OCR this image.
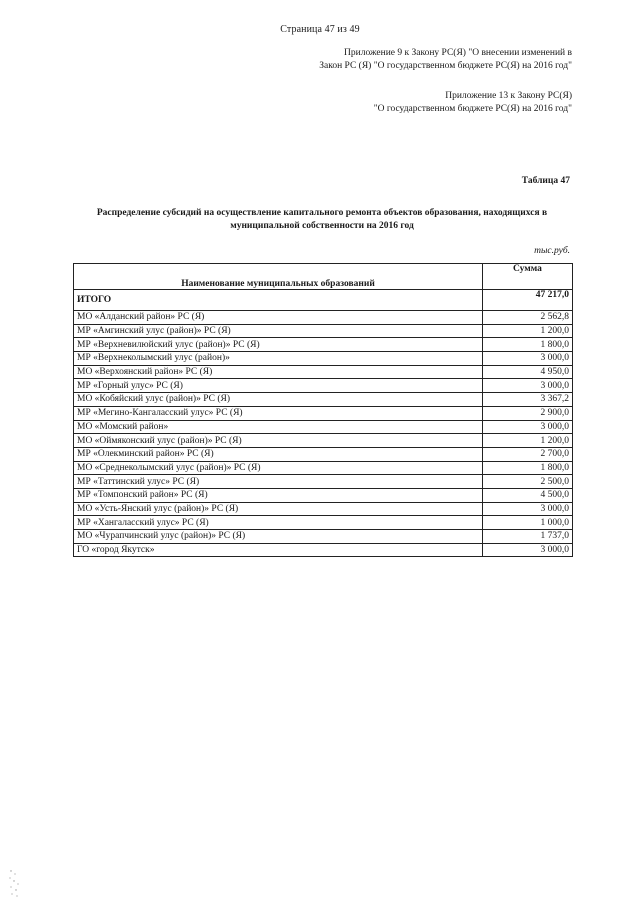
Страница 47 из 49
Приложение 9 к Закону РС(Я) "О внесении изменений в
Закон РС (Я) "О государственном бюджете РС(Я) на 2016 год"
Приложение 13 к Закону РС(Я)
"О государственном бюджете РС(Я) на 2016 год"
Таблица 47
Распределение субсидий на осуществление капитального ремонта объектов образования, находящихся в
муниципальной собственности на 2016 год
тыс.руб.
Наименование муниципальных образований	Сумма
ИТОГО	47 217,0
МО «Алданский район» РС (Я)	2 562,8
МР «Амгинский улус (район)» РС (Я)	1 200,0
МР «Верхневилюйский улус (район)» РС (Я)	1 800,0
МР «Верхнеколымский улус (район)»	3 000,0
МО «Верхоянский район» РС (Я)	4 950,0
МР «Горный улус» РС (Я)	3 000,0
МО «Кобяйский улус (район)» РС (Я)	3 367,2
МР «Мегино-Кангаласский улус» РС (Я)	2 900,0
МО «Момский район»	3 000,0
МО «Оймяконский улус (район)» РС (Я)	1 200,0
МР «Олекминский район» РС (Я)	2 700,0
МО «Среднеколымский улус (район)» РС (Я)	1 800,0
МР «Таттинский улус» РС (Я)	2 500,0
МР «Томпонский район» РС (Я)	4 500,0
МО «Усть-Янский улус (район)» РС (Я)	3 000,0
МР «Хангаласский улус» РС (Я)	1 000,0
МО «Чурапчинский улус (район)» РС (Я)	1 737,0
ГО «город Якутск»	3 000,0
